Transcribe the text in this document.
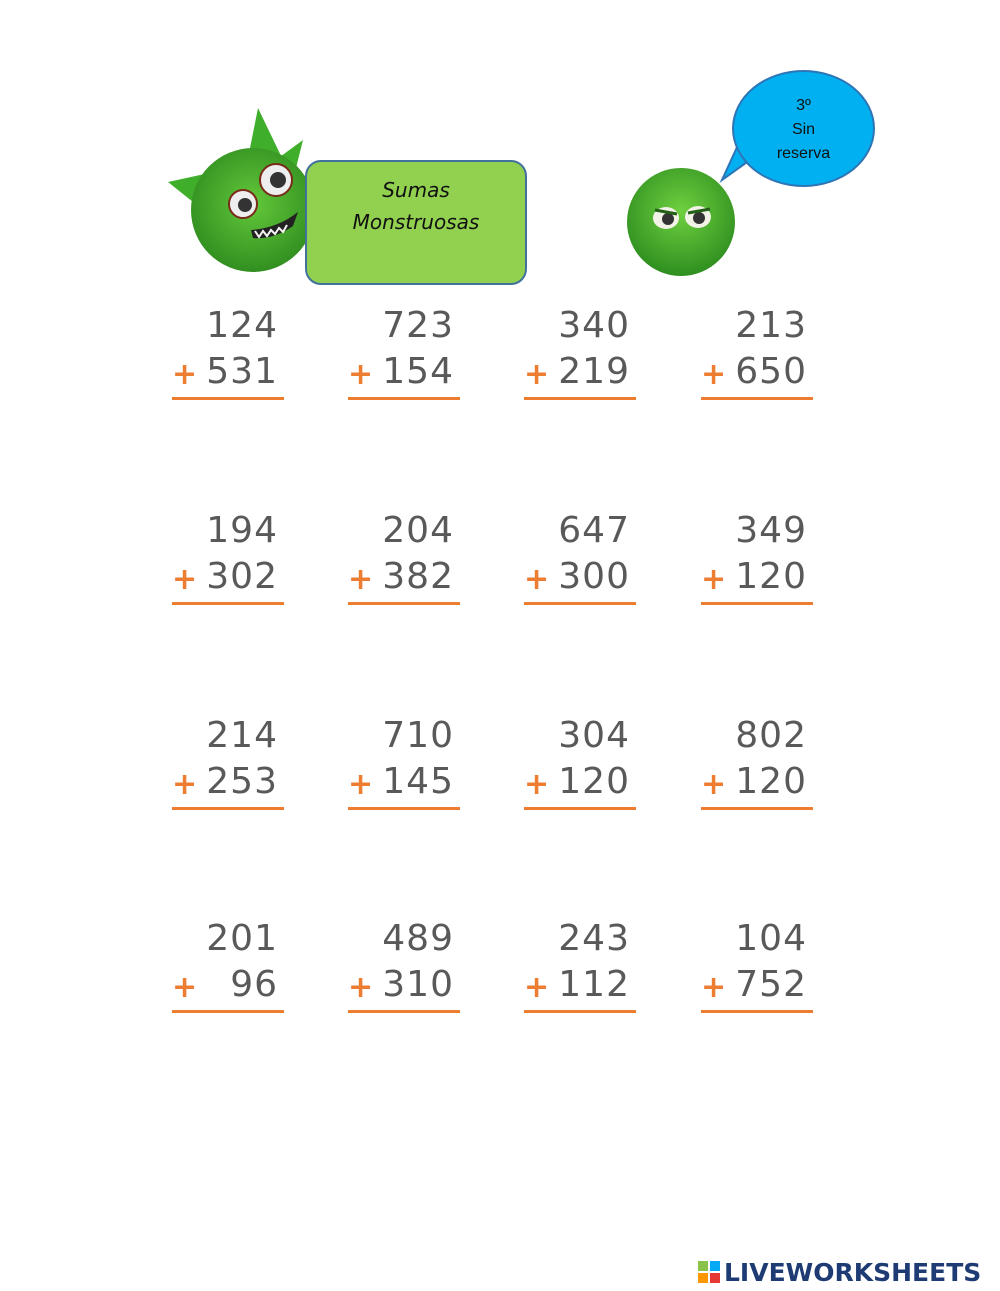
Sumas
Monstruosas
3º
Sin
reserva
124
+ 531
723
+ 154
340
+ 219
213
+ 650
194
+ 302
204
+ 382
647
+ 300
349
+ 120
214
+ 253
710
+ 145
304
+ 120
802
+ 120
201
+ 96
489
+ 310
243
+ 112
104
+ 752
LIVEWORKSHEETS
